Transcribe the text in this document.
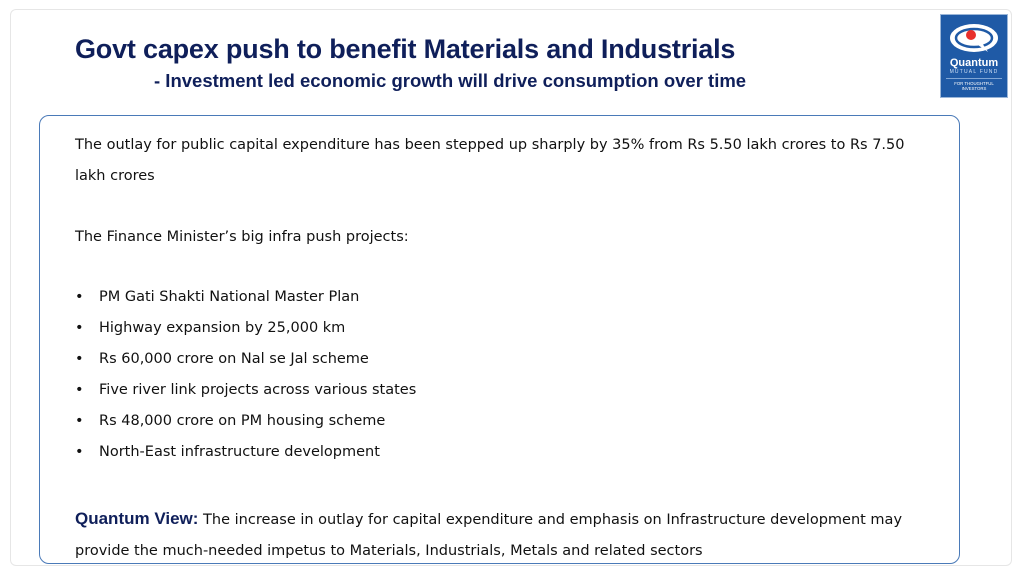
Govt capex push to benefit Materials and Industrials
- Investment led economic growth will drive consumption over time
Quantum
MUTUAL FUND
FOR THOUGHTFUL INVESTORS
The outlay for public capital expenditure has been stepped up sharply by 35% from Rs 5.50 lakh crores to Rs 7.50 lakh crores
The Finance Minister’s big infra push projects:
•	PM Gati Shakti National Master Plan
•	Highway expansion by 25,000 km
•	Rs 60,000 crore on Nal se Jal scheme
•	Five river link projects across various states
•	Rs 48,000 crore on PM housing scheme
•	North-East infrastructure development
Quantum View: The increase in outlay for capital expenditure and emphasis on Infrastructure development may provide the much-needed impetus to Materials, Industrials, Metals and related sectors
